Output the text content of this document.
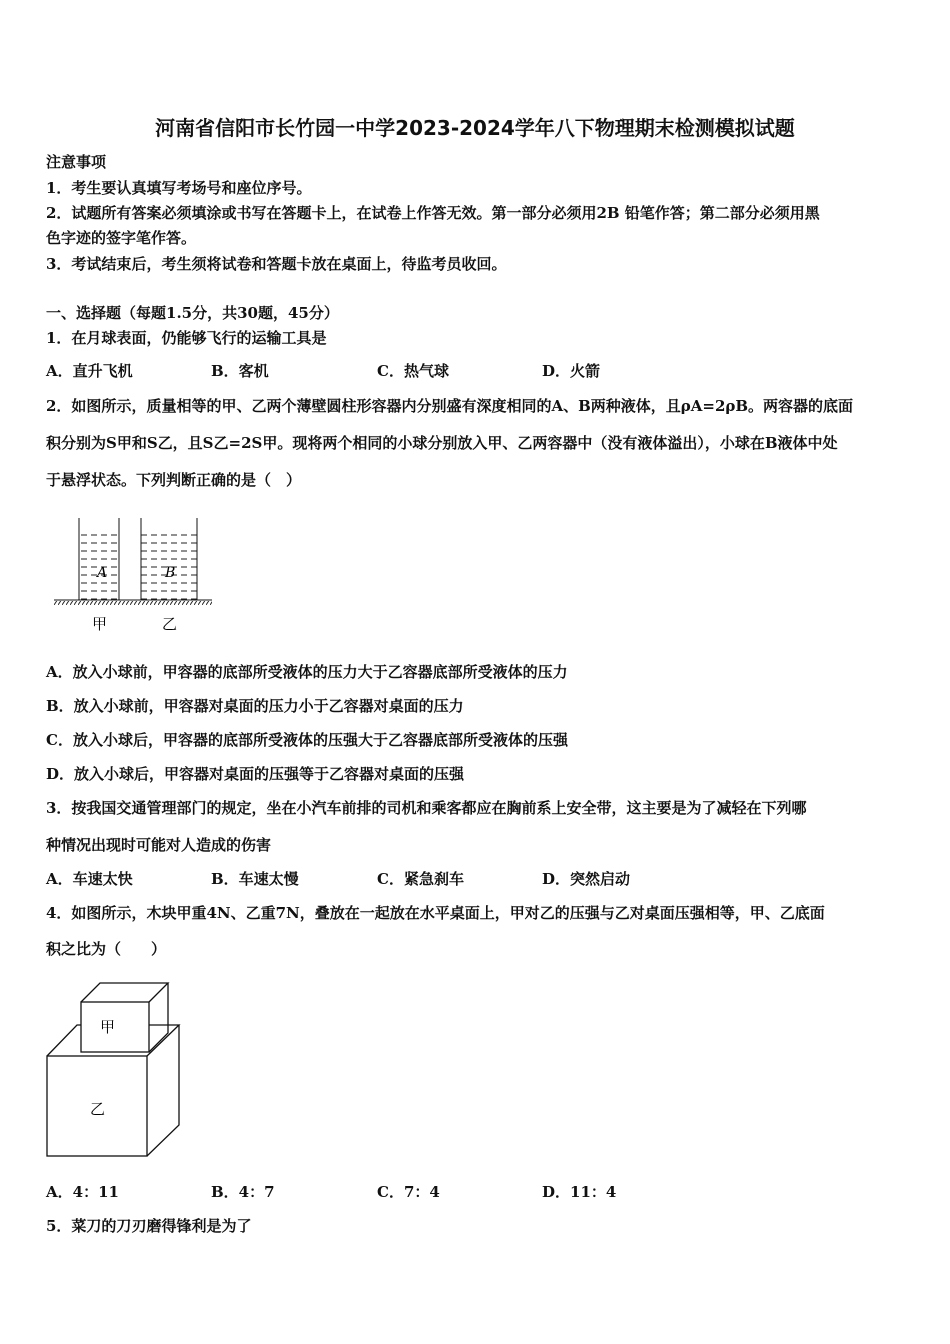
河南省信阳市长竹园一中学2023-2024学年八下物理期末检测模拟试题
注意事项
1．考生要认真填写考场号和座位序号。
2．试题所有答案必须填涂或书写在答题卡上，在试卷上作答无效。第一部分必须用2B 铅笔作答；第二部分必须用黑
色字迹的签字笔作答。
3．考试结束后，考生须将试卷和答题卡放在桌面上，待监考员收回。
一、选择题（每题1.5分，共30题，45分）
1．在月球表面，仍能够飞行的运输工具是
A．直升飞机	B．客机	C．热气球	D．火箭
2．如图所示，质量相等的甲、乙两个薄壁圆柱形容器内分别盛有深度相同的A、B两种液体，且ρA=2ρB。两容器的底面
积分别为S甲和S乙，且S乙=2S甲。现将两个相同的小球分别放入甲、乙两容器中（没有液体溢出），小球在B液体中处
于悬浮状态。下列判断正确的是（　）
A	B
甲	乙
A．放入小球前，甲容器的底部所受液体的压力大于乙容器底部所受液体的压力
B．放入小球前，甲容器对桌面的压力小于乙容器对桌面的压力
C．放入小球后，甲容器的底部所受液体的压强大于乙容器底部所受液体的压强
D．放入小球后，甲容器对桌面的压强等于乙容器对桌面的压强
3．按我国交通管理部门的规定，坐在小汽车前排的司机和乘客都应在胸前系上安全带，这主要是为了减轻在下列哪
种情况出现时可能对人造成的伤害
A．车速太快	B．车速太慢	C．紧急刹车	D．突然启动
4．如图所示，木块甲重4N、乙重7N，叠放在一起放在水平桌面上，甲对乙的压强与乙对桌面压强相等，甲、乙底面
积之比为（　　）
甲
乙
A．4：11	B．4：7	C．7：4	D．11：4
5．菜刀的刀刃磨得锋利是为了
